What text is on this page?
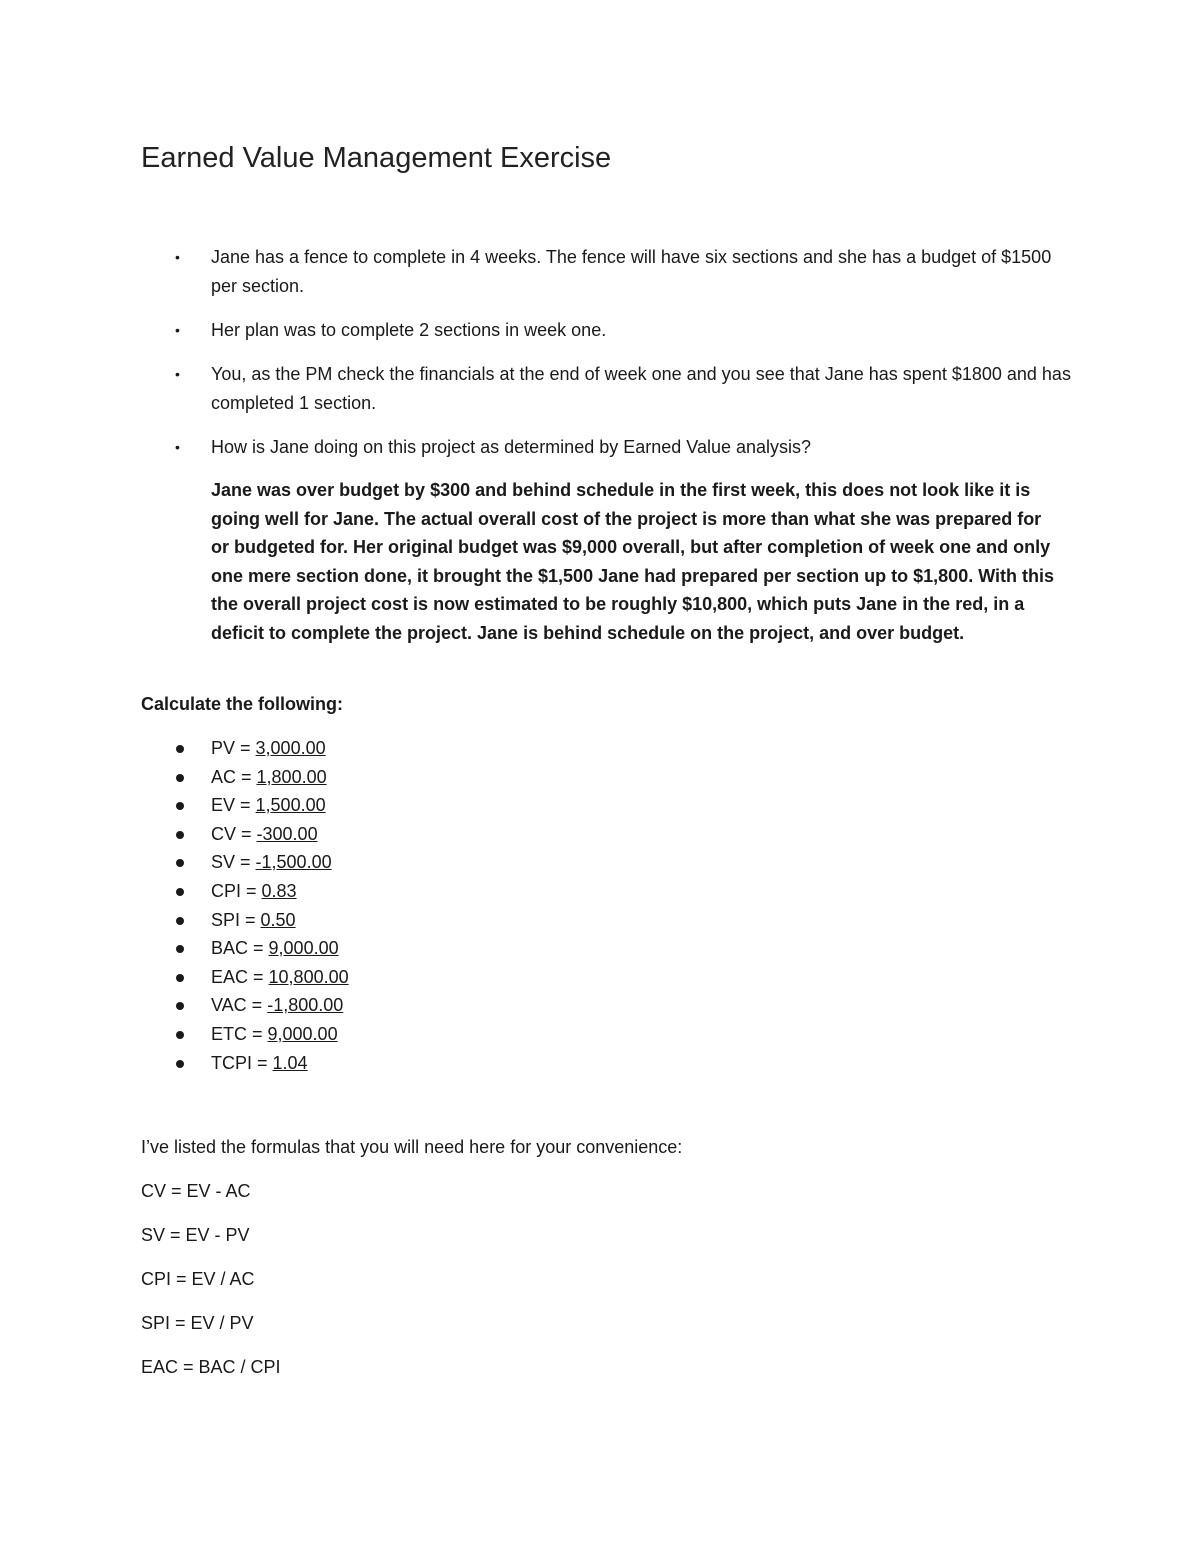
Earned Value Management Exercise
• Jane has a fence to complete in 4 weeks. The fence will have six sections and she has a budget of $1500 per section.
• Her plan was to complete 2 sections in week one.
• You, as the PM check the financials at the end of week one and you see that Jane has spent $1800 and has completed 1 section.
• How is Jane doing on this project as determined by Earned Value analysis?

Jane was over budget by $300 and behind schedule in the first week, this does not look like it is going well for Jane. The actual overall cost of the project is more than what she was prepared for or budgeted for. Her original budget was $9,000 overall, but after completion of week one and only one mere section done, it brought the $1,500 Jane had prepared per section up to $1,800. With this the overall project cost is now estimated to be roughly $10,800, which puts Jane in the red, in a deficit to complete the project. Jane is behind schedule on the project, and over budget.

Calculate the following:

PV = 3,000.00
AC = 1,800.00
EV = 1,500.00
CV = -300.00
SV = -1,500.00
CPI = 0.83
SPI = 0.50
BAC = 9,000.00
EAC = 10,800.00
VAC = -1,800.00
ETC = 9,000.00
TCPI = 1.04

I’ve listed the formulas that you will need here for your convenience:

CV = EV - AC
SV = EV - PV
CPI = EV / AC
SPI = EV / PV
EAC = BAC / CPI
